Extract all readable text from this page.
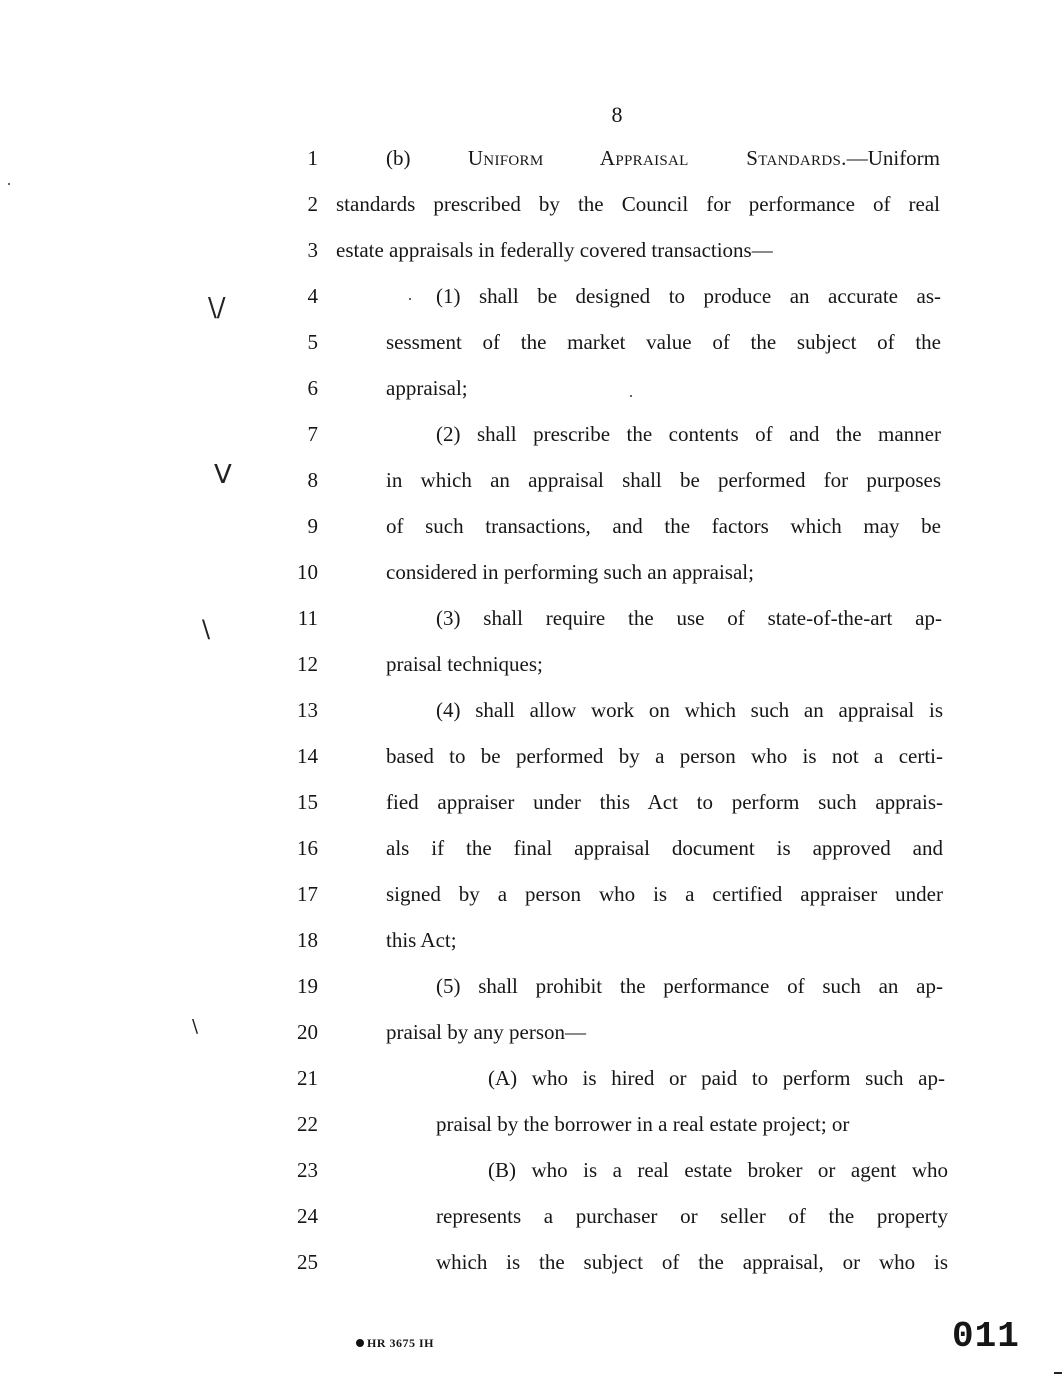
8
1
2
3
4
5
6
7
8
9
10
11
12
13
14
15
16
17
18
19
20
21
22
23
24
25
(b)	Uniform Appraisal Standards.—Uniform
standards prescribed by the Council for performance of real
estate appraisals in federally covered transactions—
(1) shall be designed to produce an accurate as-
sessment of the market value of the subject of the
appraisal;
(2) shall prescribe the contents of and the manner
in which an appraisal shall be performed for purposes
of such transactions, and the factors which may be
considered in performing such an appraisal;
(3) shall require the use of state-of-the-art ap-
praisal techniques;
(4) shall allow work on which such an appraisal is
based to be performed by a person who is not a certi-
fied appraiser under this Act to perform such apprais-
als if the final appraisal document is approved and
signed by a person who is a certified appraiser under
this Act;
(5) shall prohibit the performance of such an ap-
praisal by any person—
(A) who is hired or paid to perform such ap-
praisal by the borrower in a real estate project; or
(B) who is a real estate broker or agent who
represents a purchaser or seller of the property
which is the subject of the appraisal, or who is
\/
V
\
\
HR 3675 IH	011
